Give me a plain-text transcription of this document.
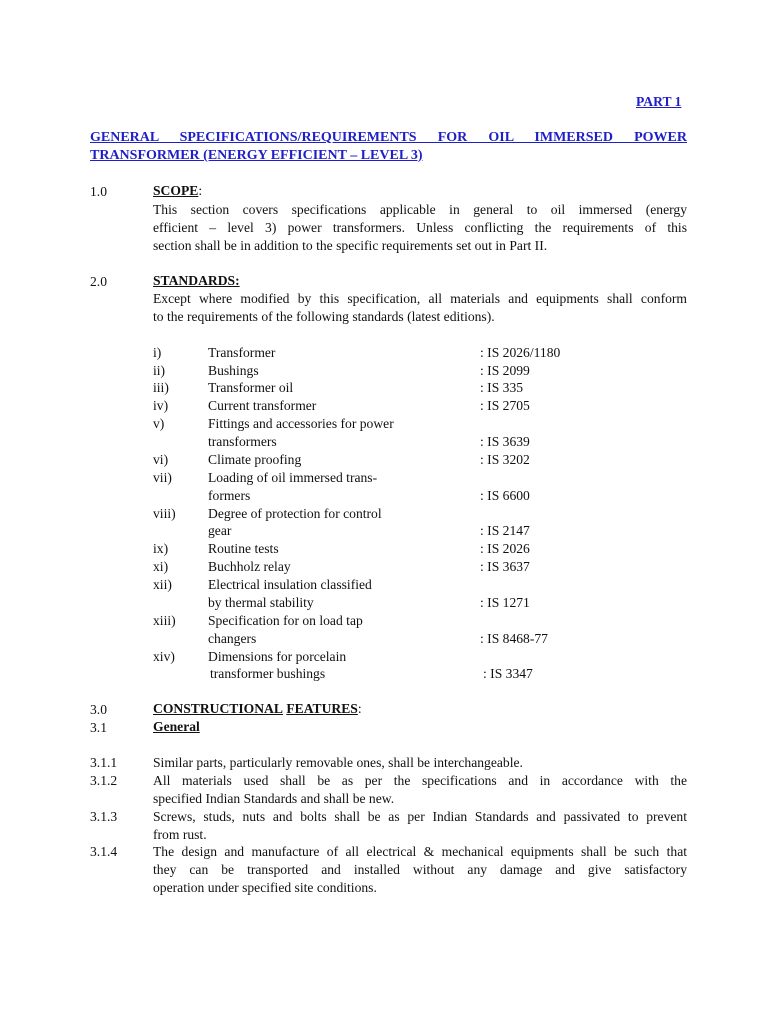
PART 1
GENERAL SPECIFICATIONS/REQUIREMENTS FOR OIL IMMERSED POWER
TRANSFORMER (ENERGY EFFICIENT – LEVEL 3)
1.0	SCOPE:
This section covers specifications applicable in general to oil immersed (energy
efficient – level 3) power transformers. Unless conflicting the requirements of this
section shall be in addition to the specific requirements set out in Part II.
2.0	STANDARDS:
Except where modified by this specification, all materials and equipments shall conform
to the requirements of the following standards (latest editions).
i)	Transformer	: IS 2026/1180
ii)	Bushings	: IS 2099
iii)	Transformer oil	: IS 335
iv)	Current transformer	: IS 2705
v)	Fittings and accessories for power
transformers	: IS 3639
vi)	Climate proofing	: IS 3202
vii)	Loading of oil immersed trans-
formers	: IS 6600
viii) Degree of protection for control
gear	: IS 2147
ix)	Routine tests	: IS 2026
xi)	Buchholz relay	: IS 3637
xii)	Electrical insulation classified
by thermal stability	: IS 1271
xiii) Specification for on load tap
changers	: IS 8468-77
xiv) Dimensions for porcelain
transformer bushings	: IS 3347
3.0	CONSTRUCTIONAL FEATURES:
3.1	General
3.1.1	Similar parts, particularly removable ones, shall be interchangeable.
3.1.2	All materials used shall be as per the specifications and in accordance with the
specified Indian Standards and shall be new.
3.1.3	Screws, studs, nuts and bolts shall be as per Indian Standards and passivated to prevent
from rust.
3.1.4	The design and manufacture of all electrical & mechanical equipments shall be such that
they can be transported and installed without any damage and give satisfactory
operation under specified site conditions.
